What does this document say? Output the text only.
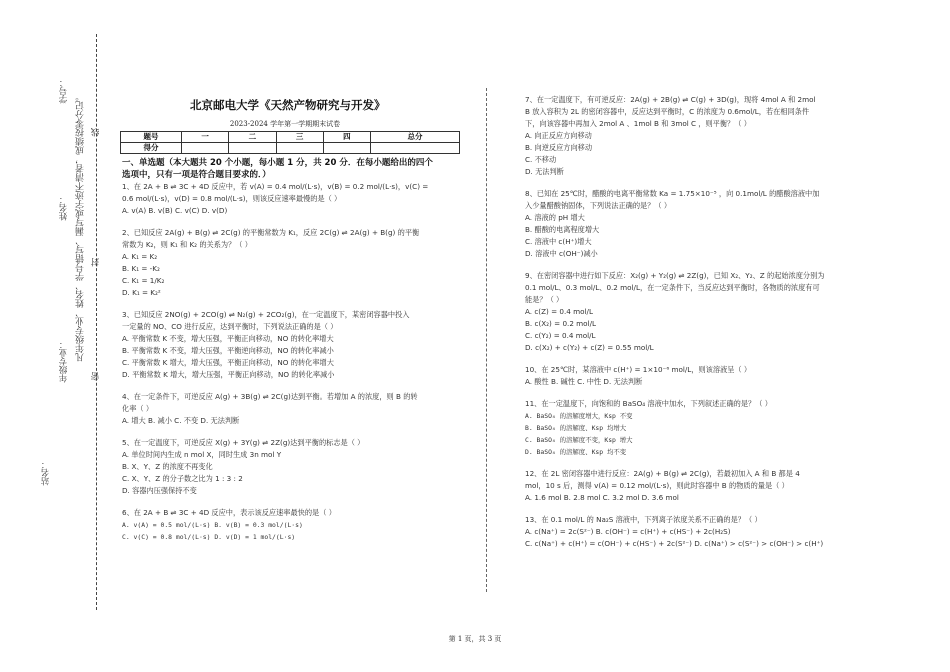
学号：
姓名： 凡年级专业、姓名、学号错写、漏写或字迹不清者，成绩按零分记。 线
封
密
年级专业：
站名：
北京邮电大学《天然产物研究与开发》
2023-2024 学年第一学期期末试卷
题号	一	二	三	四	总分
得分					
一、单选题（本大题共 20 个小题，每小题 1 分，共 20 分．在每小题给出的四个
选项中，只有一项是符合题目要求的．）

1、在 2A + B ⇌ 3C + 4D 反应中，若 v(A) = 0.4 mol/(L·s)，v(B) = 0.2 mol/(L·s)，v(C) =

0.6 mol/(L·s)，v(D) = 0.8 mol/(L·s)，则该反应速率最慢的是（ ）

A. v(A) B. v(B) C. v(C) D. v(D)

2、已知反应 2A(g) + B(g) ⇌ 2C(g) 的平衡常数为 K₁，反应 2C(g) ⇌ 2A(g) + B(g) 的平衡

常数为 K₂，则 K₁ 和 K₂ 的关系为？（ ）

A. K₁ = K₂

B. K₁ = -K₂

C. K₁ = 1/K₂

D. K₁ = K₂²

3、已知反应 2NO(g) + 2CO(g) ⇌ N₂(g) + 2CO₂(g)，在一定温度下，某密闭容器中投入

一定量的 NO、CO 进行反应，达到平衡时，下列说法正确的是（ ）

A. 平衡常数 K 不变，增大压强，平衡正向移动，NO 的转化率增大

B. 平衡常数 K 不变，增大压强，平衡逆向移动，NO 的转化率减小

C. 平衡常数 K 增大，增大压强，平衡正向移动，NO 的转化率增大

D. 平衡常数 K 增大，增大压强，平衡正向移动，NO 的转化率减小

4、在一定条件下，可逆反应 A(g) + 3B(g) ⇌ 2C(g)达到平衡。若增加 A 的浓度，则 B 的转

化率（ ）

A. 增大 B. 减小 C. 不变 D. 无法判断

5、在一定温度下，可逆反应 X(g) + 3Y(g) ⇌ 2Z(g)达到平衡的标志是（ ）

A. 单位时间内生成 n mol X，同时生成 3n mol Y

B. X、Y、Z 的浓度不再变化

C. X、Y、Z 的分子数之比为 1 : 3 : 2

D. 容器内压强保持不变

6、在 2A + B ⇌ 3C + 4D 反应中，表示该反应速率最快的是（ ）

A. v(A) = 0.5 mol/(L·s) B. v(B) = 0.3 mol/(L·s)

C. v(C) = 0.8 mol/(L·s) D. v(D) = 1 mol/(L·s)

7、在一定温度下，有可逆反应：2A(g) + 2B(g) ⇌ C(g) + 3D(g)，现将 4mol A 和 2mol

B 放入容积为 2L 的密闭容器中，反应达到平衡时，C 的浓度为 0.6mol/L，若在相同条件

下，向该容器中再加入 2mol A 、1mol B 和 3mol C ，则平衡？（ ）

A. 向正反应方向移动

B. 向逆反应方向移动

C. 不移动

D. 无法判断

8、已知在 25℃时，醋酸的电离平衡常数 Ka = 1.75×10⁻⁵ ，向 0.1mol/L 的醋酸溶液中加

入少量醋酸钠固体，下列说法正确的是？（ ）

A. 溶液的 pH 增大

B. 醋酸的电离程度增大

C. 溶液中 c(H⁺)增大

D. 溶液中 c(OH⁻)减小

9、在密闭容器中进行如下反应：X₂(g) + Y₂(g) ⇌ 2Z(g)，已知 X₂、Y₂、Z 的起始浓度分别为

0.1 mol/L、0.3 mol/L、0.2 mol/L，在一定条件下，当反应达到平衡时，各物质的浓度有可

能是？（ ）

A. c(Z) = 0.4 mol/L

B. c(X₂) = 0.2 mol/L

C. c(Y₂) = 0.4 mol/L

D. c(X₂) + c(Y₂) + c(Z) = 0.55 mol/L

10、在 25℃时，某溶液中 c(H⁺) = 1×10⁻⁶ mol/L，则该溶液呈（ ）

A. 酸性 B. 碱性 C. 中性 D. 无法判断

11、在一定温度下，向饱和的 BaSO₄ 溶液中加水，下列叙述正确的是？（ ）

A. BaSO₄ 的溶解度增大，Ksp 不变

B. BaSO₄ 的溶解度、Ksp 均增大

C. BaSO₄ 的溶解度不变，Ksp 增大

D. BaSO₄ 的溶解度、Ksp 均不变

12、在 2L 密闭容器中进行反应：2A(g) + B(g) ⇌ 2C(g)，若最初加入 A 和 B 都是 4

mol，10 s 后，测得 v(A) = 0.12 mol/(L·s)，则此时容器中 B 的物质的量是（ ）

A. 1.6 mol B. 2.8 mol C. 3.2 mol D. 3.6 mol

13、在 0.1 mol/L 的 Na₂S 溶液中，下列离子浓度关系不正确的是？（ ）

A. c(Na⁺) = 2c(S²⁻) B. c(OH⁻) = c(H⁺) + c(HS⁻) + 2c(H₂S)

C. c(Na⁺) + c(H⁺) = c(OH⁻) + c(HS⁻) + 2c(S²⁻) D. c(Na⁺) > c(S²⁻) > c(OH⁻) > c(H⁺)

第 1 页，共 3 页
